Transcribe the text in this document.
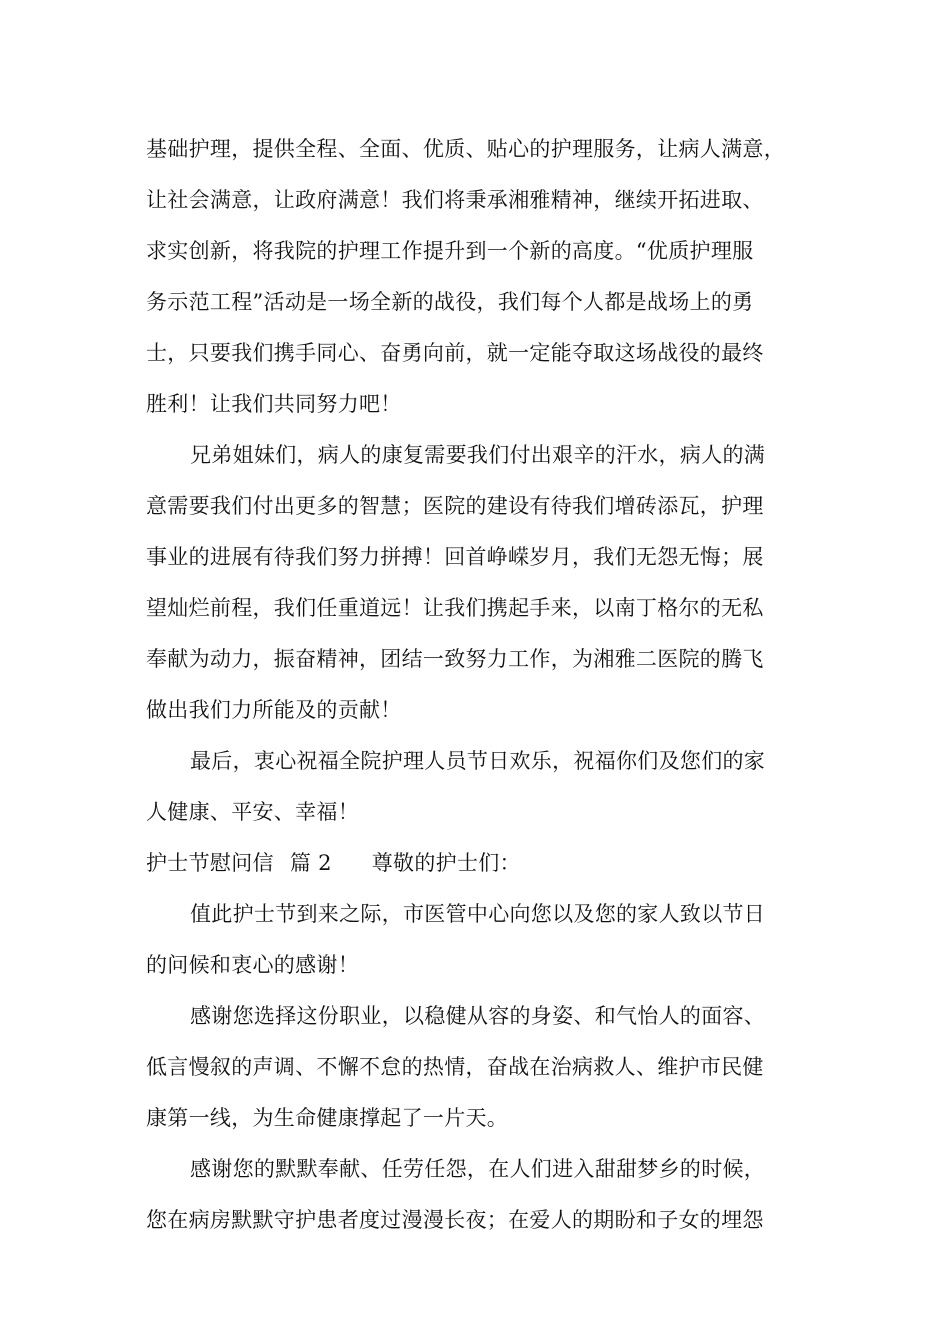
基础护理，提供全程、全面、优质、贴心的护理服务，让病人满意，
让社会满意，让政府满意！我们将秉承湘雅精神，继续开拓进取、
求实创新，将我院的护理工作提升到一个新的高度。“优质护理服
务示范工程”活动是一场全新的战役，我们每个人都是战场上的勇
士，只要我们携手同心、奋勇向前，就一定能夺取这场战役的最终
胜利！让我们共同努力吧！
兄弟姐妹们，病人的康复需要我们付出艰辛的汗水，病人的满
意需要我们付出更多的智慧；医院的建设有待我们增砖添瓦，护理
事业的进展有待我们努力拼搏！回首峥嵘岁月，我们无怨无悔；展
望灿烂前程，我们任重道远！让我们携起手来，以南丁格尔的无私
奉献为动力，振奋精神，团结一致努力工作，为湘雅二医院的腾飞
做出我们力所能及的贡献！
最后，衷心祝福全院护理人员节日欢乐，祝福你们及您们的家
人健康、平安、幸福！
护士节慰问信 篇 2 尊敬的护士们：
值此护士节到来之际，市医管中心向您以及您的家人致以节日
的问候和衷心的感谢！
感谢您选择这份职业，以稳健从容的身姿、和气怡人的面容、
低言慢叙的声调、不懈不怠的热情，奋战在治病救人、维护市民健
康第一线，为生命健康撑起了一片天。
感谢您的默默奉献、任劳任怨，在人们进入甜甜梦乡的时候，
您在病房默默守护患者度过漫漫长夜；在爱人的期盼和子女的埋怨
